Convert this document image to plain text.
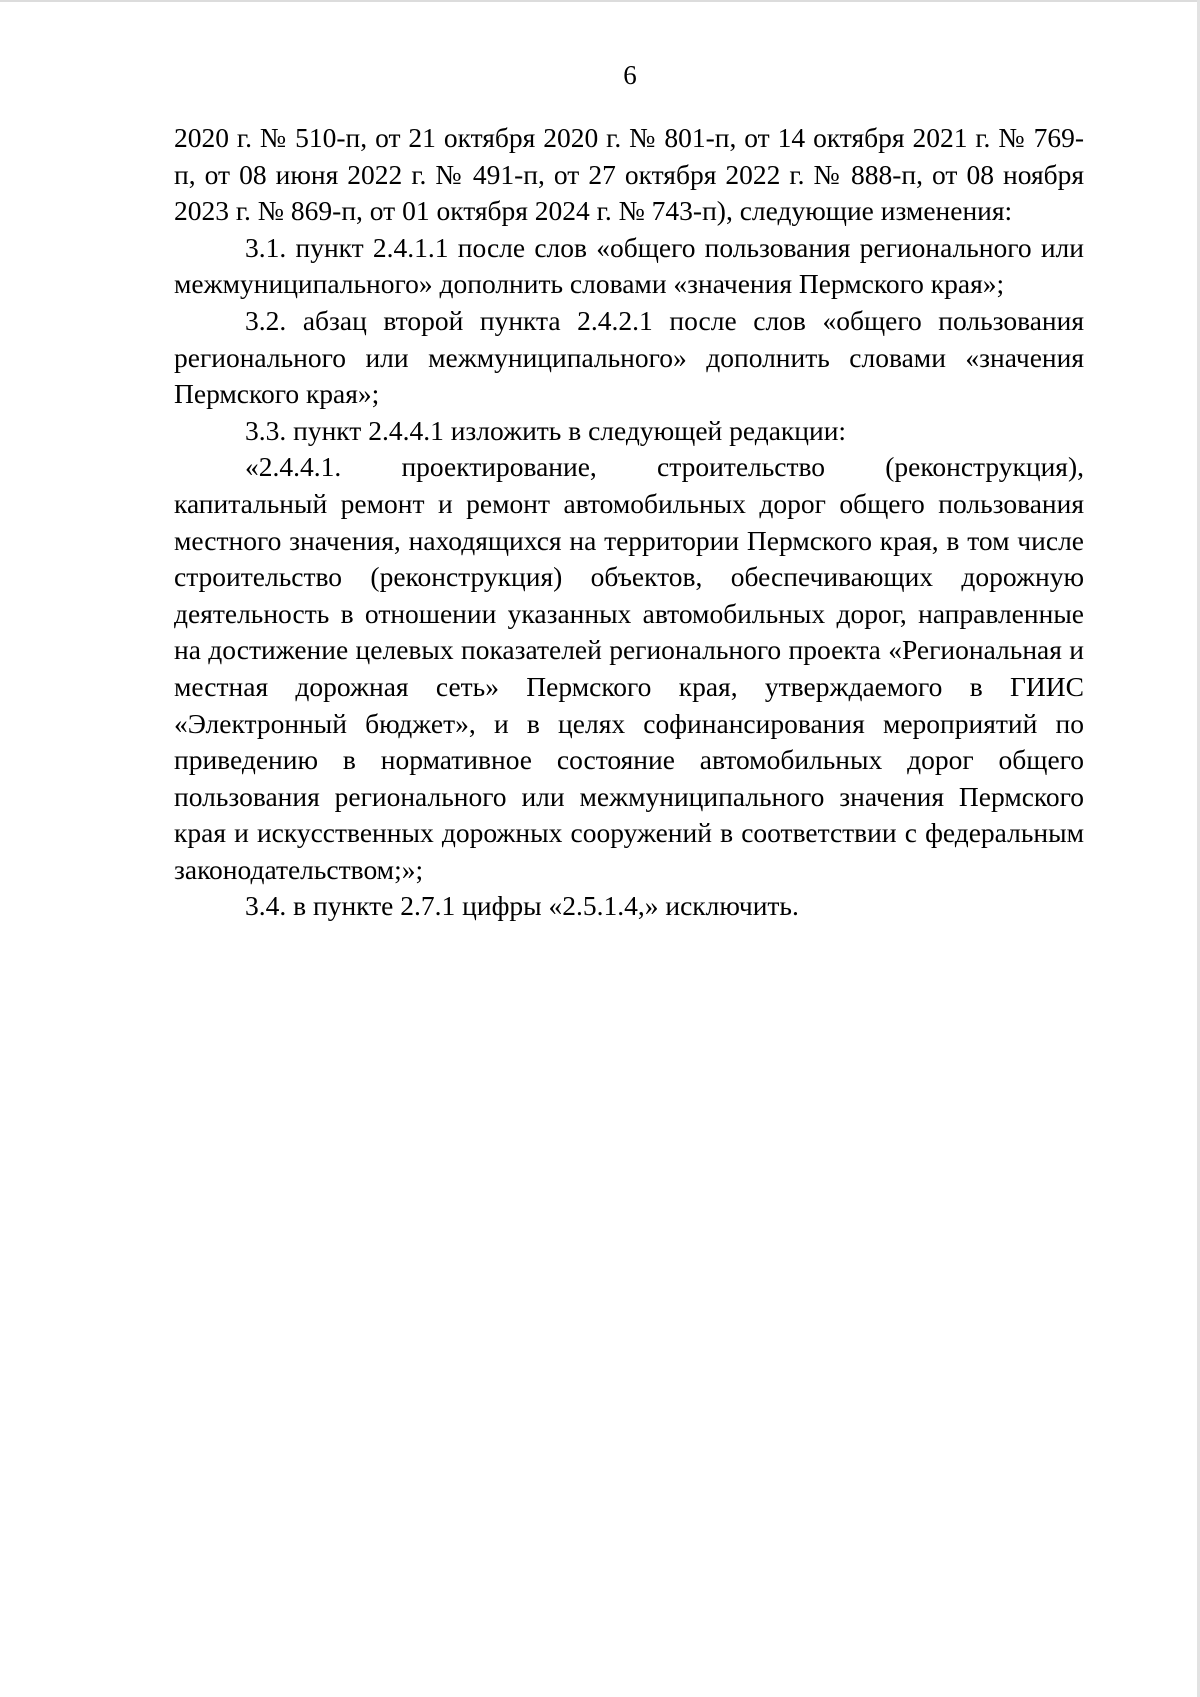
6

2020 г. № 510-п, от 21 октября 2020 г. № 801-п, от 14 октября 2021 г. № 769-п, от 08 июня 2022 г. № 491-п, от 27 октября 2022 г. № 888-п, от 08 ноября 2023 г. № 869-п, от 01 октября 2024 г. № 743-п), следующие изменения:

3.1. пункт 2.4.1.1 после слов «общего пользования регионального или межмуниципального» дополнить словами «значения Пермского края»;

3.2. абзац второй пункта 2.4.2.1 после слов «общего пользования регионального или межмуниципального» дополнить словами «значения Пермского края»;

3.3. пункт 2.4.4.1 изложить в следующей редакции:

«2.4.4.1. проектирование, строительство (реконструкция), капитальный ремонт и ремонт автомобильных дорог общего пользования местного значения, находящихся на территории Пермского края, в том числе строительство (реконструкция) объектов, обеспечивающих дорожную деятельность в отношении указанных автомобильных дорог, направленные на достижение целевых показателей регионального проекта «Региональная и местная дорожная сеть» Пермского края, утверждаемого в ГИИС «Электронный бюджет», и в целях софинансирования мероприятий по приведению в нормативное состояние автомобильных дорог общего пользования регионального или межмуниципального значения Пермского края и искусственных дорожных сооружений в соответствии с федеральным законодательством;»;

3.4. в пункте 2.7.1 цифры «2.5.1.4,» исключить.
